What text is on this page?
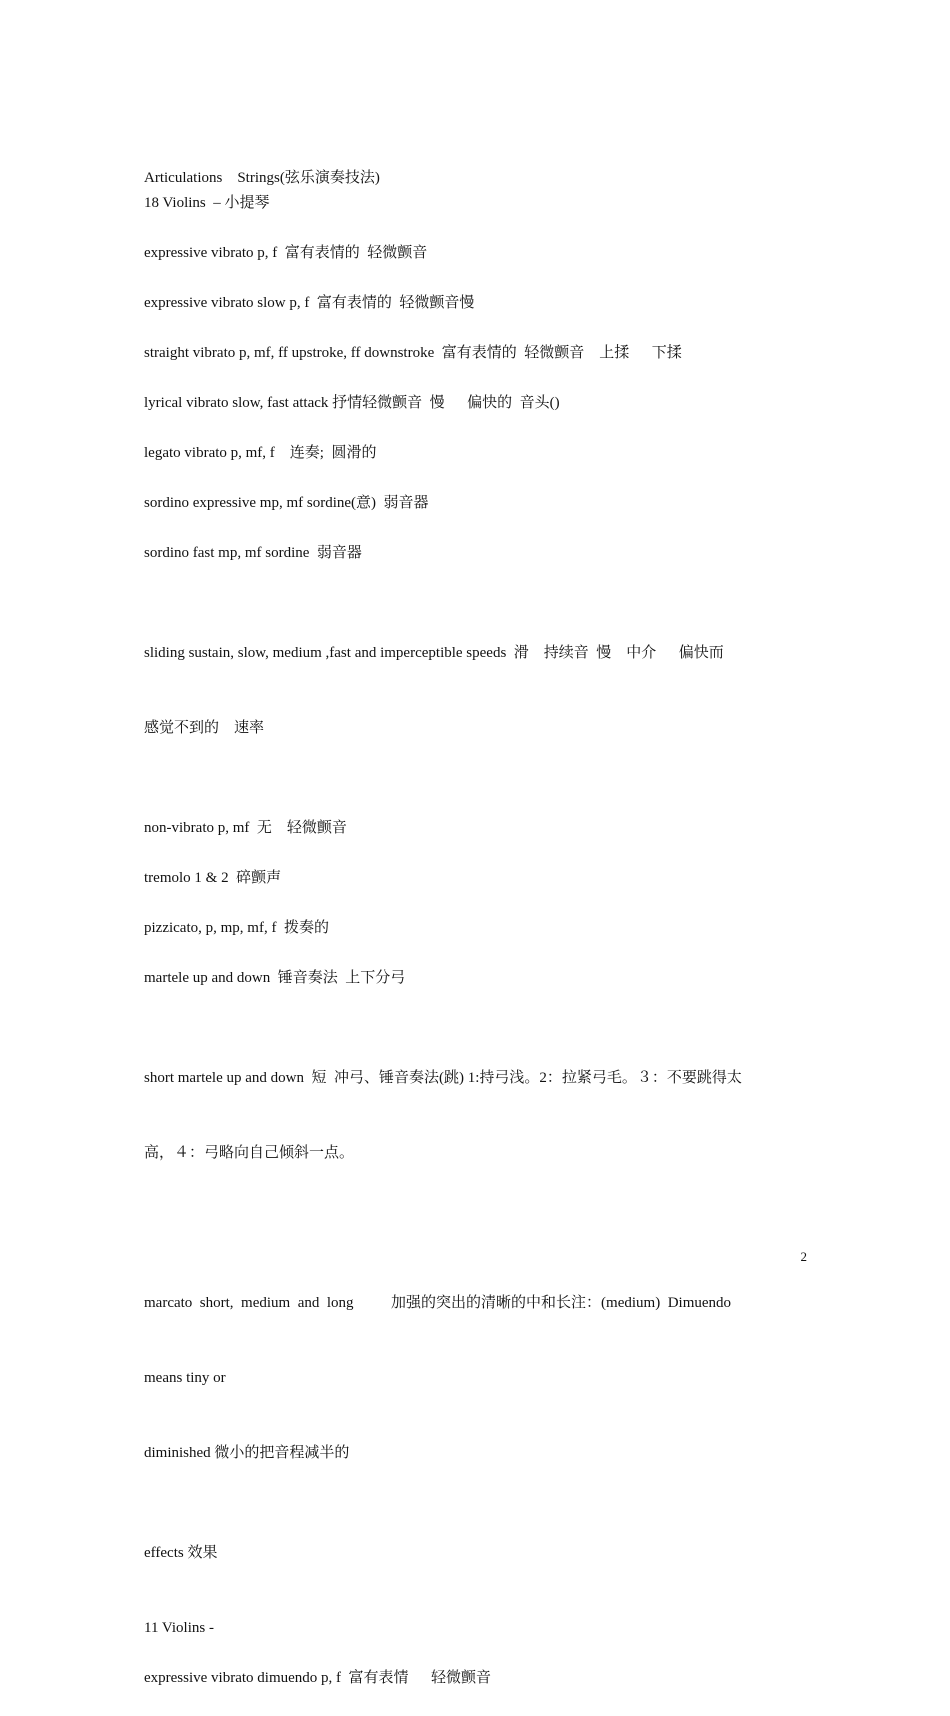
Articulations    Strings(弦乐演奏技法)

18 Violins  – 小提琴

expressive vibrato p, f  富有表情的  轻微颤音

expressive vibrato slow p, f  富有表情的  轻微颤音慢

straight vibrato p, mf, ff upstroke, ff downstroke  富有表情的  轻微颤音    上揉      下揉

lyrical vibrato slow, fast attack 抒情轻微颤音  慢      偏快的  音头()

legato vibrato p, mf, f    连奏;  圆滑的

sordino expressive mp, mf sordine(意)  弱音器

sordino fast mp, mf sordine  弱音器

sliding sustain, slow, medium ,fast and imperceptible speeds  滑    持续音  慢    中介      偏快而

感觉不到的    速率

non-vibrato p, mf  无    轻微颤音

tremolo 1 & 2  碎颤声

pizzicato, p, mp, mf, f  拨奏的

martele up and down  锤音奏法  上下分弓

short martele up and down  短  冲弓、锤音奏法(跳) 1:持弓浅。2：拉紧弓毛。３：不要跳得太

高，４：弓略向自己倾斜一点。

marcato  short,  medium  and  long          加强的突出的清晰的中和长注：(medium)  Dimuendo

means tiny or

diminished 微小的把音程减半的

effects 效果

11 Violins -

expressive vibrato dimuendo p, f  富有表情      轻微颤音

2
